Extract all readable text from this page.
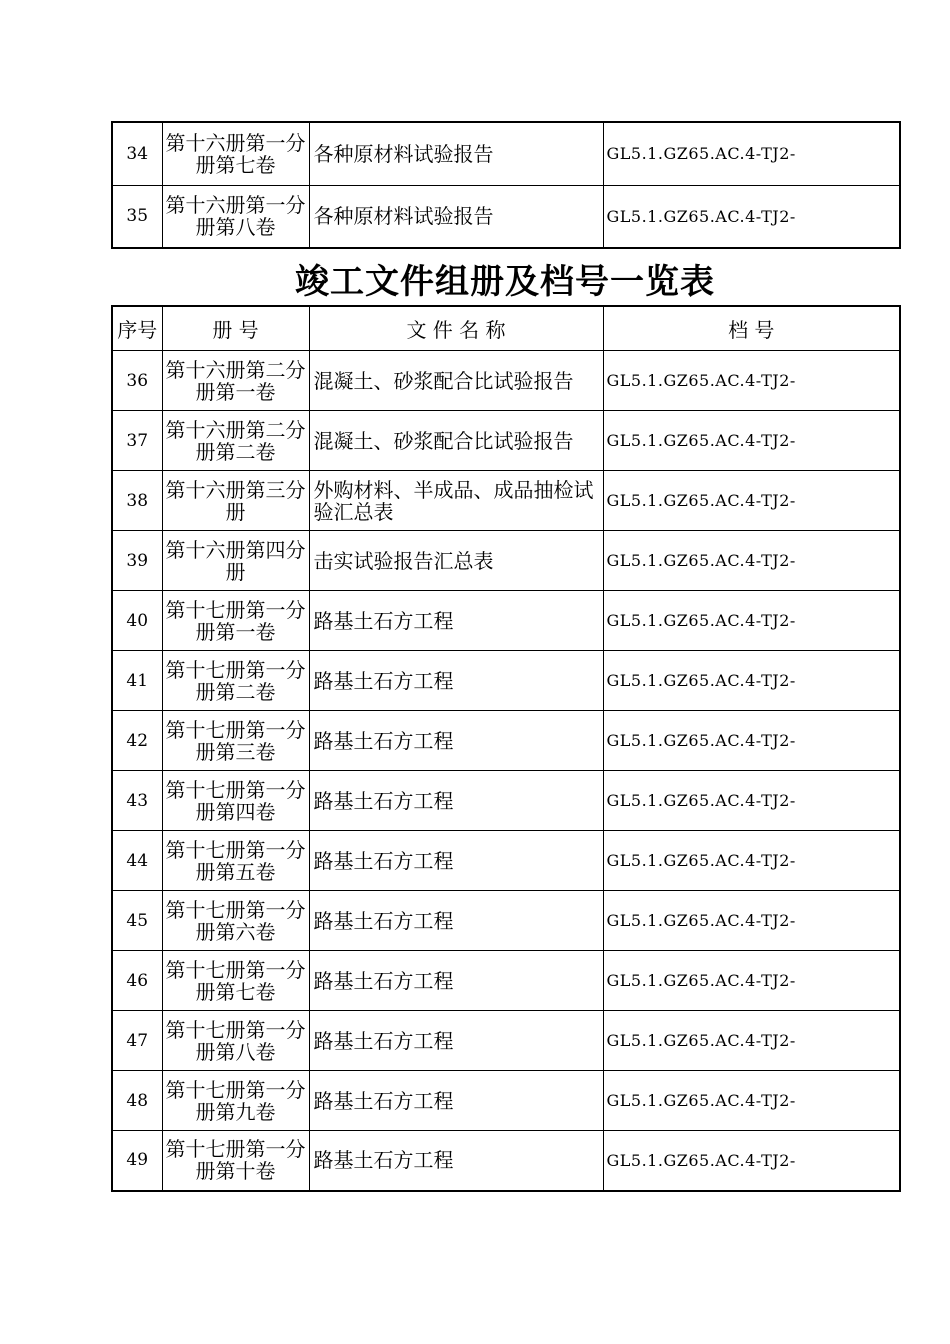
34	第十六册第一分册第七卷	各种原材料试验报告	GL5.1.GZ65.AC.4-TJ2-
35	第十六册第一分册第八卷	各种原材料试验报告	GL5.1.GZ65.AC.4-TJ2-
竣工文件组册及档号一览表
序号	册 号	文 件 名 称	档 号
36	第十六册第二分册第一卷	混凝土、砂浆配合比试验报告	GL5.1.GZ65.AC.4-TJ2-
37	第十六册第二分册第二卷	混凝土、砂浆配合比试验报告	GL5.1.GZ65.AC.4-TJ2-
38	第十六册第三分册	外购材料、半成品、成品抽检试验汇总表	GL5.1.GZ65.AC.4-TJ2-
39	第十六册第四分册	击实试验报告汇总表	GL5.1.GZ65.AC.4-TJ2-
40	第十七册第一分册第一卷	路基土石方工程	GL5.1.GZ65.AC.4-TJ2-
41	第十七册第一分册第二卷	路基土石方工程	GL5.1.GZ65.AC.4-TJ2-
42	第十七册第一分册第三卷	路基土石方工程	GL5.1.GZ65.AC.4-TJ2-
43	第十七册第一分册第四卷	路基土石方工程	GL5.1.GZ65.AC.4-TJ2-
44	第十七册第一分册第五卷	路基土石方工程	GL5.1.GZ65.AC.4-TJ2-
45	第十七册第一分册第六卷	路基土石方工程	GL5.1.GZ65.AC.4-TJ2-
46	第十七册第一分册第七卷	路基土石方工程	GL5.1.GZ65.AC.4-TJ2-
47	第十七册第一分册第八卷	路基土石方工程	GL5.1.GZ65.AC.4-TJ2-
48	第十七册第一分册第九卷	路基土石方工程	GL5.1.GZ65.AC.4-TJ2-
49	第十七册第一分册第十卷	路基土石方工程	GL5.1.GZ65.AC.4-TJ2-
